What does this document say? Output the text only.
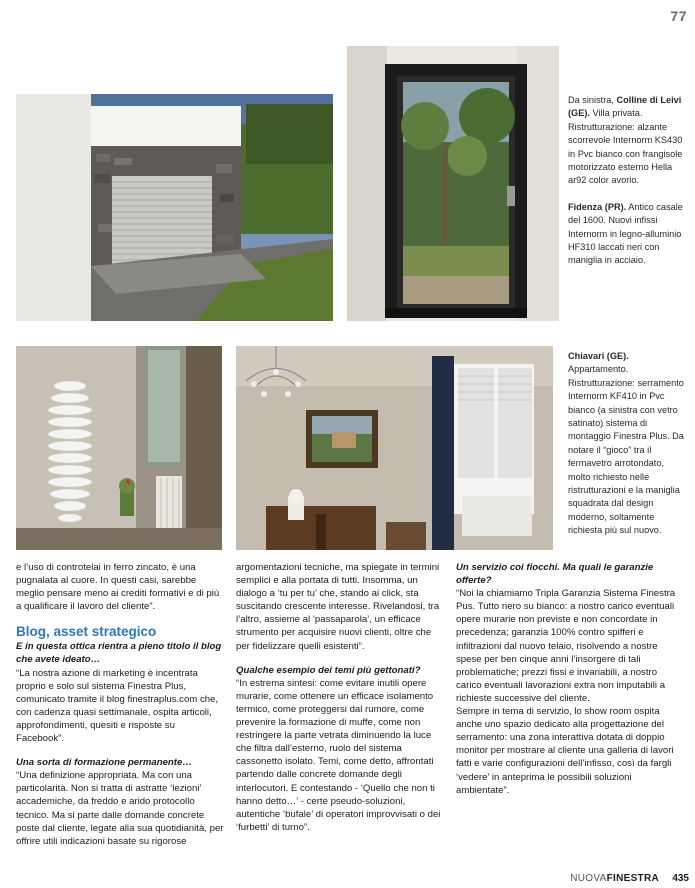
77

Da sinistra, Colline di Leivi (GE). Villa privata. Ristrutturazione: alzante scorrevole Internorm KS430 in Pvc bianco con frangisole motorizzato esterno Hella ar92 color avorio.

Fidenza (PR). Antico casale del 1600. Nuovi infissi Internorm in legno-alluminio HF310 laccati neri con maniglia in acciaio.

Chiavari (GE). Appartamento. Ristrutturazione: serramento Internorm KF410 in Pvc bianco (a sinistra con vetro satinato) sistema di montaggio Finestra Plus. Da notare il “gioco” tra il fermavetro arrotondato, molto richiesto nelle ristrutturazioni e la maniglia squadrata dal design moderno, soltamente richiesta più sul nuovo.

e l’uso di controtelai in ferro zincato, è una pugnalata al cuore. In questi casi, sarebbe meglio pensare meno ai crediti formativi e di più a qualificare il lavoro del cliente”.

Blog, asset strategico

E in questa ottica rientra a pieno titolo il blog che avete ideato…

“La nostra azione di marketing è incentrata proprio e solo sul sistema Finestra Plus, comunicato tramite il blog finestraplus.com che, con cadenza quasi settimanale, ospita articoli, approfondimenti, quesiti e risposte su Facebook”.

Una sorta di formazione permanente…

“Una definizione appropriata. Ma con una particolarità. Non si tratta di astratte ‘lezioni’ accademiche, da freddo e arido protocollo tecnico. Ma si parte dalle domande concrete poste dal cliente, legate alla sua quotidianità, per offrire utili indicazioni basate su rigorose

argomentazioni tecniche, ma spiegate in termini semplici e alla portata di tutti. Insomma, un dialogo a ‘tu per tu’ che, stando ai click, sta suscitando crescente interesse. Rivelandosi, tra l’altro, assieme al ‘passaparola’, un efficace strumento per acquisire nuovi clienti, oltre che per fidelizzare quelli esistenti”.

Qualche esempio dei temi più gettonati?

“In estrema sintesi: come evitare inutili opere murarie, come ottenere un efficace isolamento termico, come proteggersi dal rumore, come prevenire la formazione di muffe, come non restringere la parte vetrata diminuendo la luce che filtra dall’esterno, ruolo del sistema cassonetto isolato. Temi, come detto, affrontati partendo dalle concrete domande degli interlocutori. E contestando - ‘Quello che non ti hanno detto…’ - certe pseudo-soluzioni, autentiche ‘bufale’ di operatori improvvisati o dei ‘furbetti’ di turno”.

Un servizio coi fiocchi. Ma quali le garanzie offerte?

“Noi la chiamiamo Tripla Garanzia Sistema Finestra Pus. Tutto nero su bianco: a nostro carico eventuali opere murarie non previste e non concordate in precedenza; garanzia 100% contro spifferi e infiltrazioni dal nuovo telaio, risolvendo a nostre spese per ben cinque anni l’insorgere di tali problematiche; prezzi fissi e invariabili, a nostro carico eventuali lavorazioni extra non imputabili a richieste successive del cliente.

Sempre in tema di servizio, lo show room ospita anche uno spazio dedicato alla progettazione del serramento: una zona interattiva dotata di doppio monitor per mostrare al cliente una galleria di lavori fatti e varie configurazioni dell’infisso, così da fargli ‘vedere’ in anteprima le possibili soluzioni ambientate”.

NUOVAFINESTRA 435
